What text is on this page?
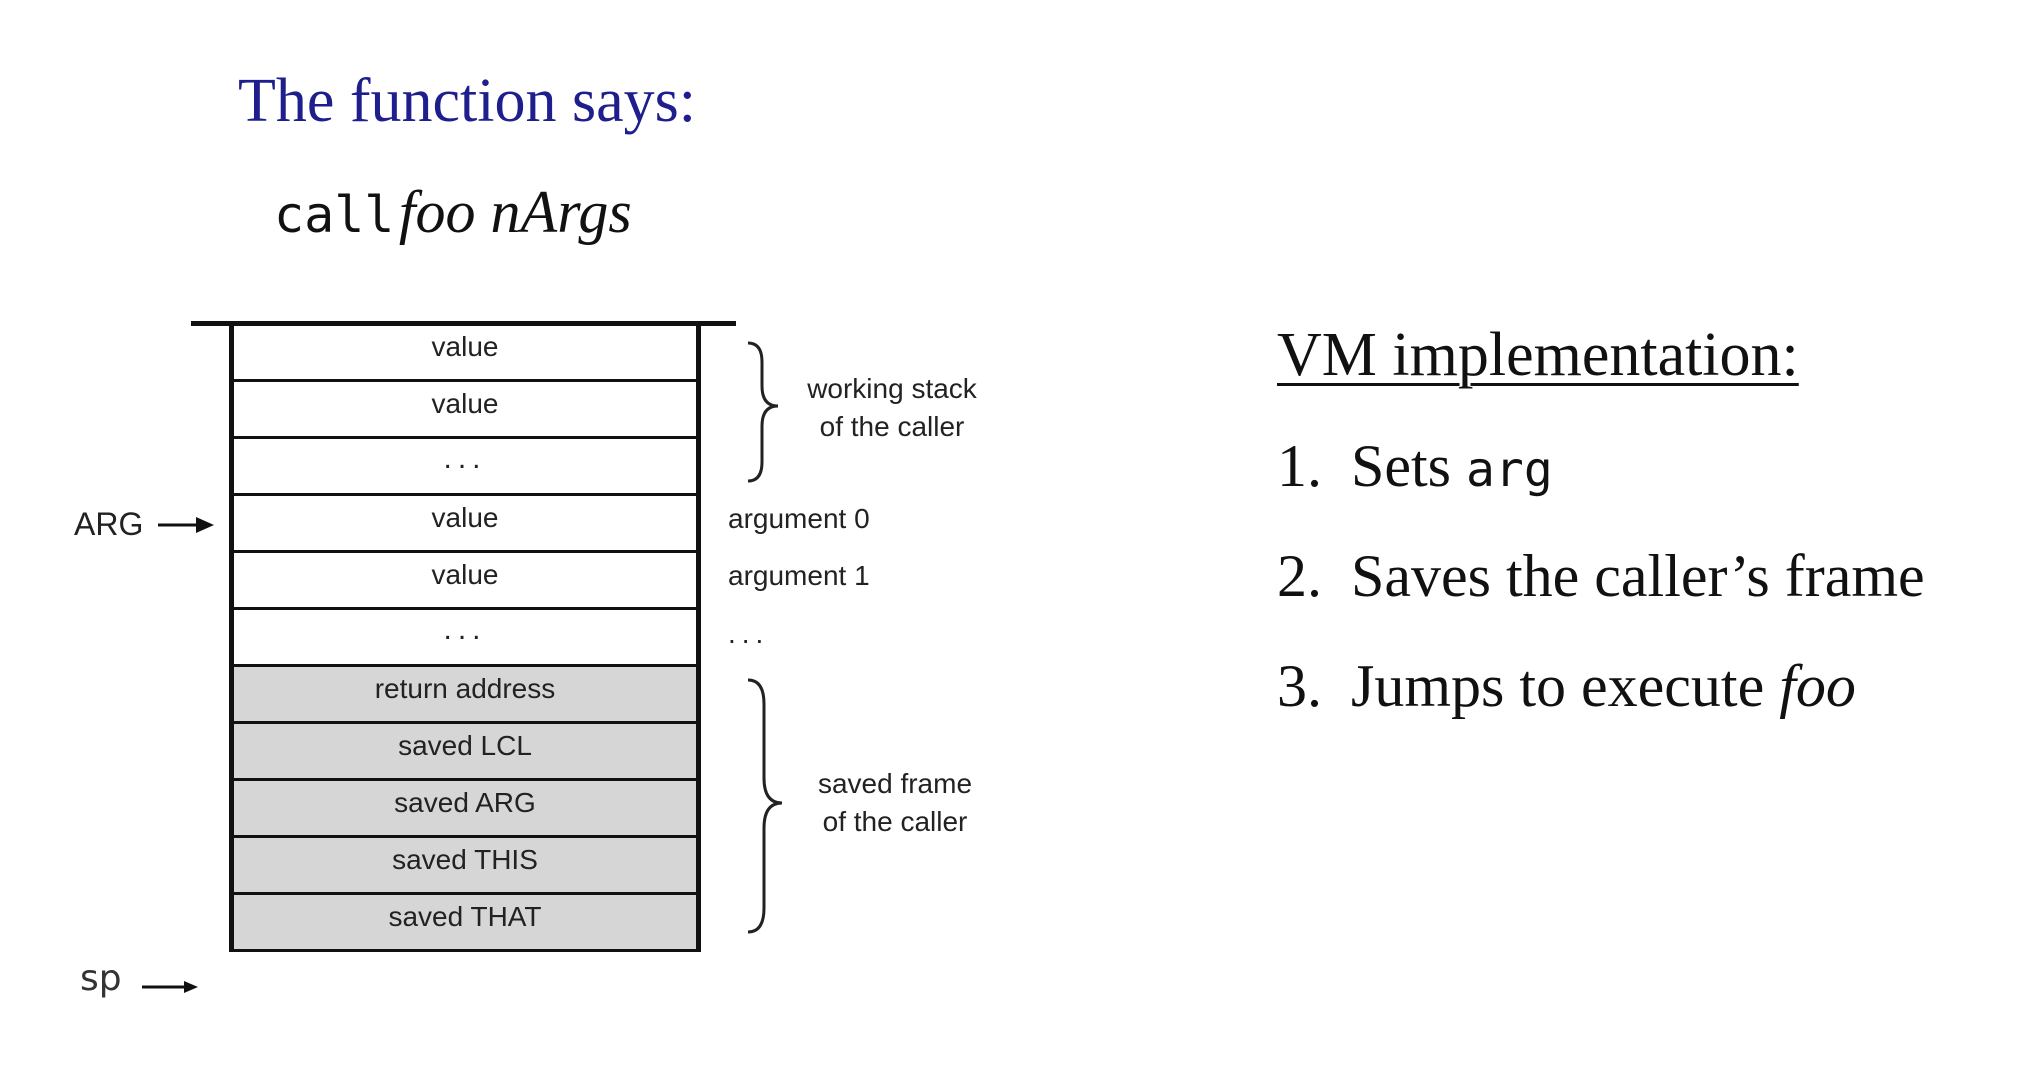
The function says:
call foo nArgs
value
value
...
value
value
...
return address
saved LCL
saved ARG
saved THIS
saved THAT
working stack
of the caller
argument 0
argument 1
...
saved frame
of the caller
ARG
sp
VM implementation:
1. Sets arg
2. Saves the caller’s frame
3. Jumps to execute foo
